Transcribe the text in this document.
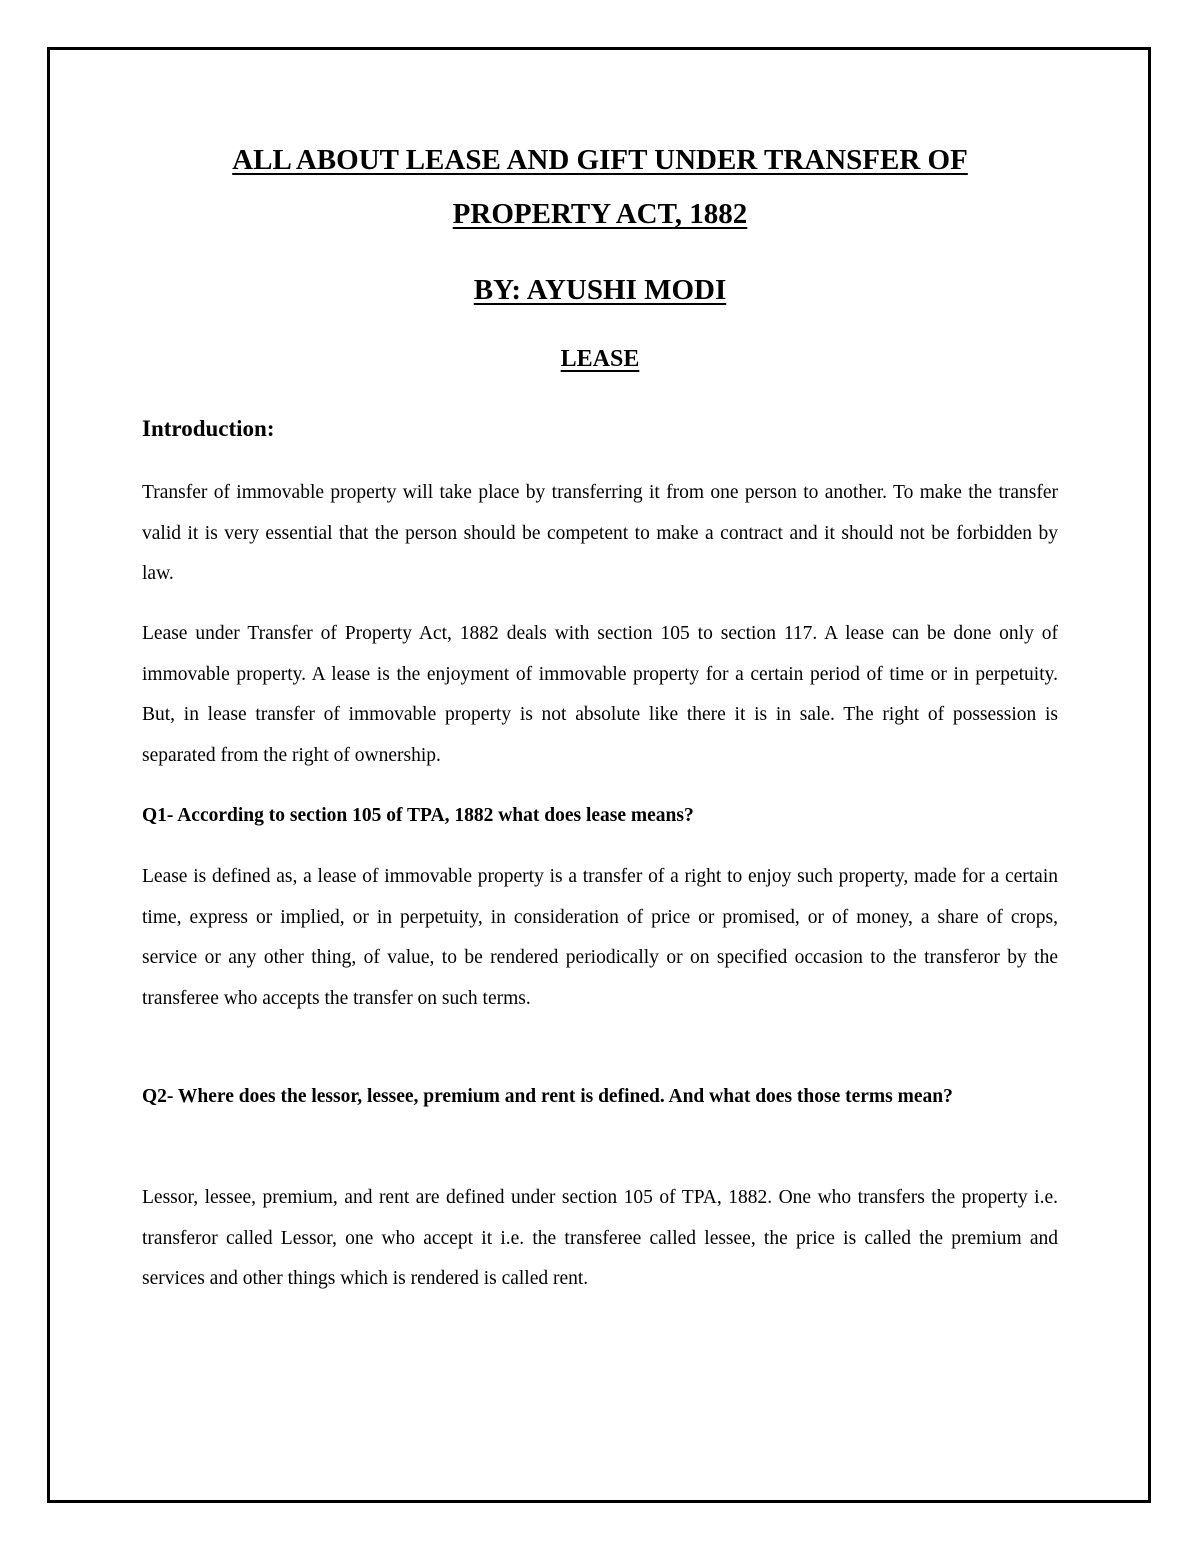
ALL ABOUT LEASE AND GIFT UNDER TRANSFER OF
PROPERTY ACT, 1882
BY: AYUSHI MODI
LEASE
Introduction:

Transfer of immovable property will take place by transferring it from one person to another. To make the transfer valid it is very essential that the person should be competent to make a contract and it should not be forbidden by law.

Lease under Transfer of Property Act, 1882 deals with section 105 to section 117. A lease can be done only of immovable property. A lease is the enjoyment of immovable property for a certain period of time or in perpetuity. But, in lease transfer of immovable property is not absolute like there it is in sale. The right of possession is separated from the right of ownership.

Q1- According to section 105 of TPA, 1882 what does lease means?

Lease is defined as, a lease of immovable property is a transfer of a right to enjoy such property, made for a certain time, express or implied, or in perpetuity, in consideration of price or promised, or of money, a share of crops, service or any other thing, of value, to be rendered periodically or on specified occasion to the transferor by the transferee who accepts the transfer on such terms.

Q2- Where does the lessor, lessee, premium and rent is defined. And what does those terms mean?

Lessor, lessee, premium, and rent are defined under section 105 of TPA, 1882. One who transfers the property i.e. transferor called Lessor, one who accept it i.e. the transferee called lessee, the price is called the premium and services and other things which is rendered is called rent.
